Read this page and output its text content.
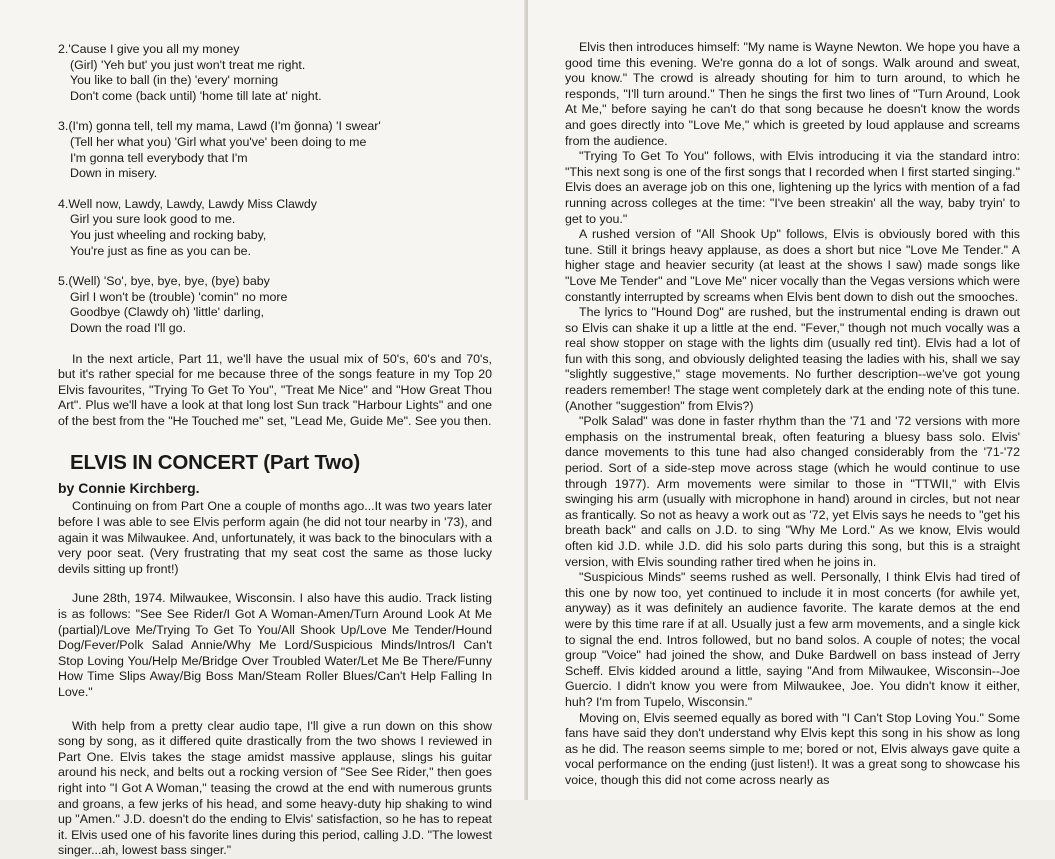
2.'Cause I give you all my money
(Girl) 'Yeh but' you just won't treat me right.
You like to ball (in the) 'every' morning
Don't come (back until) 'home till late at' night.
3.(I'm) gonna tell, tell my mama, Lawd (I'm ğonna) 'I swear'
(Tell her what you) 'Girl what you've' been doing to me
I'm gonna tell everybody that I'm
Down in misery.
4.Well now, Lawdy, Lawdy, Lawdy Miss Clawdy
Girl you sure look good to me.
You just wheeling and rocking baby,
You're just as fine as you can be.
5.(Well) 'So', bye, bye, bye, (bye) baby
Girl I won't be (trouble) 'comin'' no more
Goodbye (Clawdy oh) 'little' darling,
Down the road I'll go.

In the next article, Part 11, we'll have the usual mix of 50's, 60's and 70's, but it's rather special for me because three of the songs feature in my Top 20 Elvis favourites, "Trying To Get To You", "Treat Me Nice" and "How Great Thou Art". Plus we'll have a look at that long lost Sun track "Harbour Lights" and one of the best from the "He Touched me" set, "Lead Me, Guide Me". See you then.

ELVIS IN CONCERT (Part Two)
by Connie Kirchberg.

Continuing on from Part One a couple of months ago...It was two years later before I was able to see Elvis perform again (he did not tour nearby in '73), and again it was Milwaukee. And, unfortunately, it was back to the binoculars with a very poor seat. (Very frustrating that my seat cost the same as those lucky devils sitting up front!)

June 28th, 1974. Milwaukee, Wisconsin. I also have this audio. Track listing is as follows: "See See Rider/I Got A Woman-Amen/Turn Around Look At Me (partial)/Love Me/Trying To Get To You/All Shook Up/Love Me Tender/Hound Dog/Fever/Polk Salad Annie/Why Me Lord/Suspicious Minds/Intros/I Can't Stop Loving You/Help Me/Bridge Over Troubled Water/Let Me Be There/Funny How Time Slips Away/Big Boss Man/Steam Roller Blues/Can't Help Falling In Love."

With help from a pretty clear audio tape, I'll give a run down on this show song by song, as it differed quite drastically from the two shows I reviewed in Part One. Elvis takes the stage amidst massive applause, slings his guitar around his neck, and belts out a rocking version of "See See Rider," then goes right into "I Got A Woman," teasing the crowd at the end with numerous grunts and groans, a few jerks of his head, and some heavy-duty hip shaking to wind up "Amen." J.D. doesn't do the ending to Elvis' satisfaction, so he has to repeat it. Elvis used one of his favorite lines during this period, calling J.D. "The lowest singer...ah, lowest bass singer."

Elvis then introduces himself: "My name is Wayne Newton. We hope you have a good time this evening. We're gonna do a lot of songs. Walk around and sweat, you know." The crowd is already shouting for him to turn around, to which he responds, "I'll turn around." Then he sings the first two lines of "Turn Around, Look At Me," before saying he can't do that song because he doesn't know the words and goes directly into "Love Me," which is greeted by loud applause and screams from the audience.

"Trying To Get To You" follows, with Elvis introducing it via the standard intro: "This next song is one of the first songs that I recorded when I first started singing." Elvis does an average job on this one, lightening up the lyrics with mention of a fad running across colleges at the time: "I've been streakin' all the way, baby tryin' to get to you."

A rushed version of "All Shook Up" follows, Elvis is obviously bored with this tune. Still it brings heavy applause, as does a short but nice "Love Me Tender." A higher stage and heavier security (at least at the shows I saw) made songs like "Love Me Tender" and "Love Me" nicer vocally than the Vegas versions which were constantly interrupted by screams when Elvis bent down to dish out the smooches.

The lyrics to "Hound Dog" are rushed, but the instrumental ending is drawn out so Elvis can shake it up a little at the end. "Fever," though not much vocally was a real show stopper on stage with the lights dim (usually red tint). Elvis had a lot of fun with this song, and obviously delighted teasing the ladies with his, shall we say "slightly suggestive," stage movements. No further description--we've got young readers remember! The stage went completely dark at the ending note of this tune. (Another "suggestion" from Elvis?)

"Polk Salad" was done in faster rhythm than the '71 and '72 versions with more emphasis on the instrumental break, often featuring a bluesy bass solo. Elvis' dance movements to this tune had also changed considerably from the '71-'72 period. Sort of a side-step move across stage (which he would continue to use through 1977). Arm movements were similar to those in "TTWII," with Elvis swinging his arm (usually with microphone in hand) around in circles, but not near as frantically. So not as heavy a work out as '72, yet Elvis says he needs to "get his breath back" and calls on J.D. to sing "Why Me Lord." As we know, Elvis would often kid J.D. while J.D. did his solo parts during this song, but this is a straight version, with Elvis sounding rather tired when he joins in.

"Suspicious Minds" seems rushed as well. Personally, I think Elvis had tired of this one by now too, yet continued to include it in most concerts (for awhile yet, anyway) as it was definitely an audience favorite. The karate demos at the end were by this time rare if at all. Usually just a few arm movements, and a single kick to signal the end. Intros followed, but no band solos. A couple of notes; the vocal group "Voice" had joined the show, and Duke Bardwell on bass instead of Jerry Scheff. Elvis kidded around a little, saying "And from Milwaukee, Wisconsin--Joe Guercio. I didn't know you were from Milwaukee, Joe. You didn't know it either, huh? I'm from Tupelo, Wisconsin."

Moving on, Elvis seemed equally as bored with "I Can't Stop Loving You." Some fans have said they don't understand why Elvis kept this song in his show as long as he did. The reason seems simple to me; bored or not, Elvis always gave quite a vocal performance on the ending (just listen!). It was a great song to showcase his voice, though this did not come across nearly as
